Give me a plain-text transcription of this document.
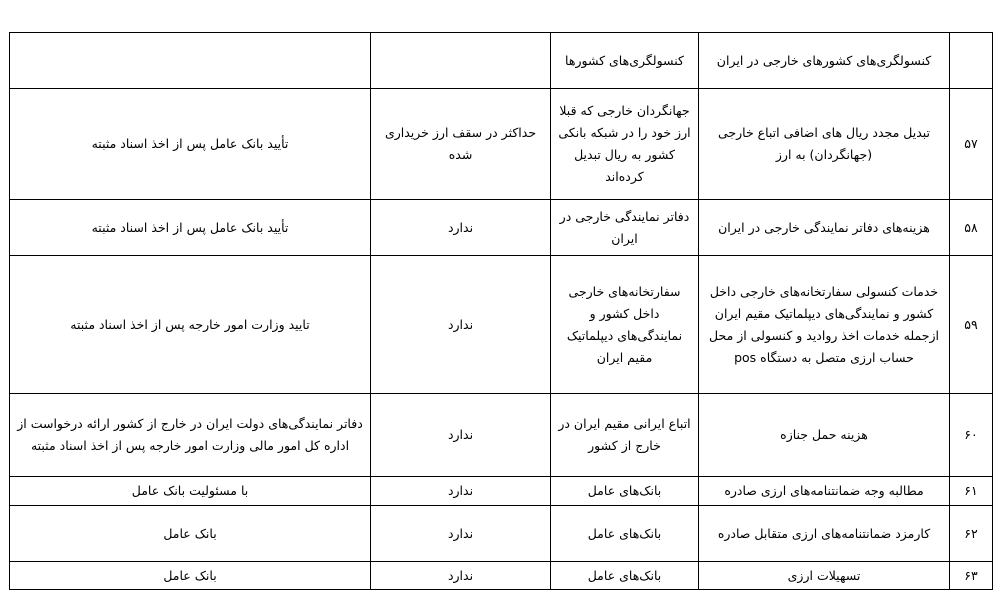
	کنسولگری‌های کشورهای خارجی در ایران	کنسولگری‌های کشورها		

۵۷	تبدیل مجدد ریال های اضافی اتباع خارجی (جهانگردان) به ارز	جهانگردان خارجی که قبلا ارز خود را در شبکه بانکی کشور به ریال تبدیل کرده‌اند	حداکثر در سقف ارز خریداری شده	تأیید بانک عامل پس از اخذ اسناد مثبته

۵۸	هزینه‌های دفاتر نمایندگی خارجی در ایران	دفاتر نمایندگی خارجی در ایران	ندارد	تأیید بانک عامل پس از اخذ اسناد مثبته

۵۹	خدمات کنسولی سفارتخانه‌های خارجی داخل کشور و نمایندگی‌های دیپلماتیک مقیم ایران ازجمله خدمات اخذ روادید و کنسولی از محل حساب ارزی متصل به دستگاه pos	سفارتخانه‌های خارجی داخل کشور و نمایندگی‌های دیپلماتیک مقیم ایران	ندارد	تایید وزارت امور خارجه پس از اخذ اسناد مثبته

۶۰	هزینه حمل جنازه	اتباع ایرانی مقیم ایران در خارج از کشور	ندارد	دفاتر نمایندگی‌های دولت ایران در خارج از کشور ارائه درخواست از اداره کل امور مالی وزارت امور خارجه پس از اخذ اسناد مثبته

۶۱	مطالبه وجه ضمانتنامه‌های ارزی صادره	بانک‌های عامل	ندارد	با مسئولیت بانک عامل

۶۲	کارمزد ضمانتنامه‌های ارزی متقابل صادره	بانک‌های عامل	ندارد	بانک عامل

۶۳	تسهیلات ارزی	بانک‌های عامل	ندارد	بانک عامل
